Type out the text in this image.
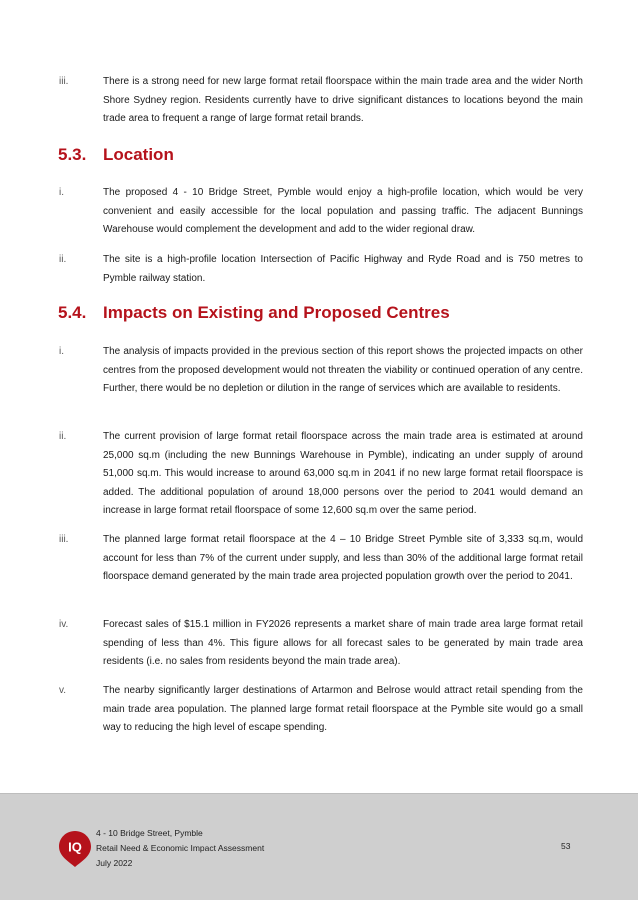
iii.	There is a strong need for new large format retail floorspace within the main trade area and the wider North Shore Sydney region. Residents currently have to drive significant distances to locations beyond the main trade area to frequent a range of large format retail brands.
5.3. Location
i.	The proposed 4 - 10 Bridge Street, Pymble would enjoy a high-profile location, which would be very convenient and easily accessible for the local population and passing traffic. The adjacent Bunnings Warehouse would complement the development and add to the wider regional draw.
ii.	The site is a high-profile location Intersection of Pacific Highway and Ryde Road and is 750 metres to Pymble railway station.
5.4. Impacts on Existing and Proposed Centres
i.	The analysis of impacts provided in the previous section of this report shows the projected impacts on other centres from the proposed development would not threaten the viability or continued operation of any centre. Further, there would be no depletion or dilution in the range of services which are available to residents.
ii.	The current provision of large format retail floorspace across the main trade area is estimated at around 25,000 sq.m (including the new Bunnings Warehouse in Pymble), indicating an under supply of around 51,000 sq.m. This would increase to around 63,000 sq.m in 2041 if no new large format retail floorspace is added. The additional population of around 18,000 persons over the period to 2041 would demand an increase in large format retail floorspace of some 12,600 sq.m over the same period.
iii.	The planned large format retail floorspace at the 4 – 10 Bridge Street Pymble site of 3,333 sq.m, would account for less than 7% of the current under supply, and less than 30% of the additional large format retail floorspace demand generated by the main trade area projected population growth over the period to 2041.
iv.	Forecast sales of $15.1 million in FY2026 represents a market share of main trade area large format retail spending of less than 4%. This figure allows for all forecast sales to be generated by main trade area residents (i.e. no sales from residents beyond the main trade area).
v.	The nearby significantly larger destinations of Artarmon and Belrose would attract retail spending from the main trade area population. The planned large format retail floorspace at the Pymble site would go a small way to reducing the high level of escape spending.
IQ
4 - 10 Bridge Street, Pymble
Retail Need & Economic Impact Assessment
July 2022
53
